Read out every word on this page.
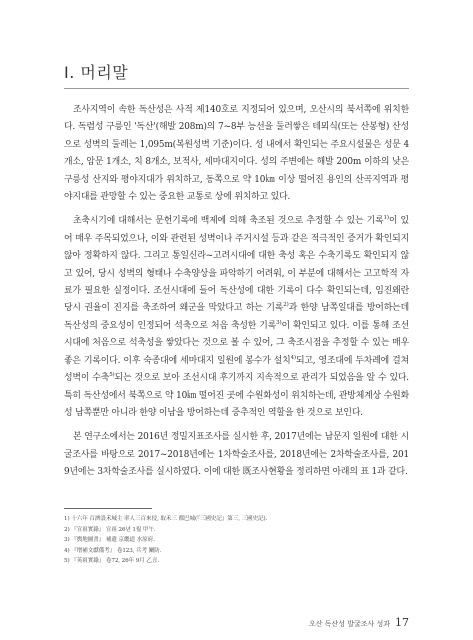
Ⅰ. 머리말

조사지역이 속한 독산성은 사적 제140호로 지정되어 있으며, 오산시의 북서쪽에 위치한다. 독렴성 구릉인 '독산'(해발 208m)의 7~8부 능선을 둘러쌓은 테뫼식(또는 산봉형) 산성으로 성벽의 둘레는 1,095m(복원성벽 기준)이다. 성 내에서 확인되는 주요시설물은 성문 4개소, 암문 1개소, 치 8개소, 보적사, 세마대지이다. 성의 주변에는 해발 200m 이하의 낮은 구릉성 산지와 평야지대가 위치하고, 동쪽으로 약 10㎞ 이상 떨어진 용인의 산곡지역과 평야지대를 관망할 수 있는 중요한 교통로 상에 위치하고 있다.

초축시기에 대해서는 문헌기록에 백제에 의해 축조된 것으로 추정할 수 있는 기록$^{1)}$이 있어 매우 주목되었으나, 이와 관련된 성벽이나 주거시설 등과 같은 적극적인 증거가 확인되지 않아 정확하지 않다. 그리고 통일신라~고려시대에 대한 축성 혹은 수축기록도 확인되지 않고 있어, 당시 성벽의 형태나 수축양상을 파악하기 어려워, 이 부분에 대해서는 고고학적 자료가 필요한 실정이다. 조선시대에 들어 독산성에 대한 기록이 다수 확인되는데, 임진왜란 당시 권율이 진지를 축조하여 왜군을 막았다고 하는 기록$^{2)}$과 한양 남쪽일대를 방어하는데 독산성의 중요성이 인정되어 석축으로 처음 축성한 기록$^{3)}$이 확인되고 있다. 이를 통해 조선시대에 처음으로 석축성을 쌓았다는 것으로 볼 수 있어, 그 축조시점을 추정할 수 있는 매우 좋은 기록이다. 이후 숙종대에 세마대지 일원에 봉수가 설치$^{4)}$되고, 영조대에 두차례에 걸쳐 성벽이 수축$^{5)}$되는 것으로 보아 조선시대 후기까지 지속적으로 관리가 되었음을 알 수 있다. 특히 독산성에서 북쪽으로 약 10㎞ 떨어진 곳에 수원화성이 위치하는데, 관방체계상 수원화성 남쪽뿐만 아니라 한양 이남을 방어하는데 중추적인 역할을 한 것으로 보인다.

본 연구소에서는 2016년 정밀지표조사를 실시한 후, 2017년에는 남문지 일원에 대한 시굴조사를 바탕으로 2017~2018년에는 1차학술조사를, 2018년에는 2차학술조사를, 2019년에는 3차학술조사를 실시하였다. 이에 대한 既조사현황을 정리하면 아래의 표 1과 같다.

1) 十六年 百濟設禾城主 率人三百來侵, 取禾三 都巴城(『三國史記』第三, 三國史記).
2) 『宣祖實錄』 宣祖 26년 1월 甲午.
3) 『輿地圖書』 補遺 京畿道 水原府.
4) 『增補文獻備考』 卷123, 兵考 關防.
5) 『英祖實錄』 卷72, 26年 9月 乙丑.
오산 독산성 발굴조사 성과 17
